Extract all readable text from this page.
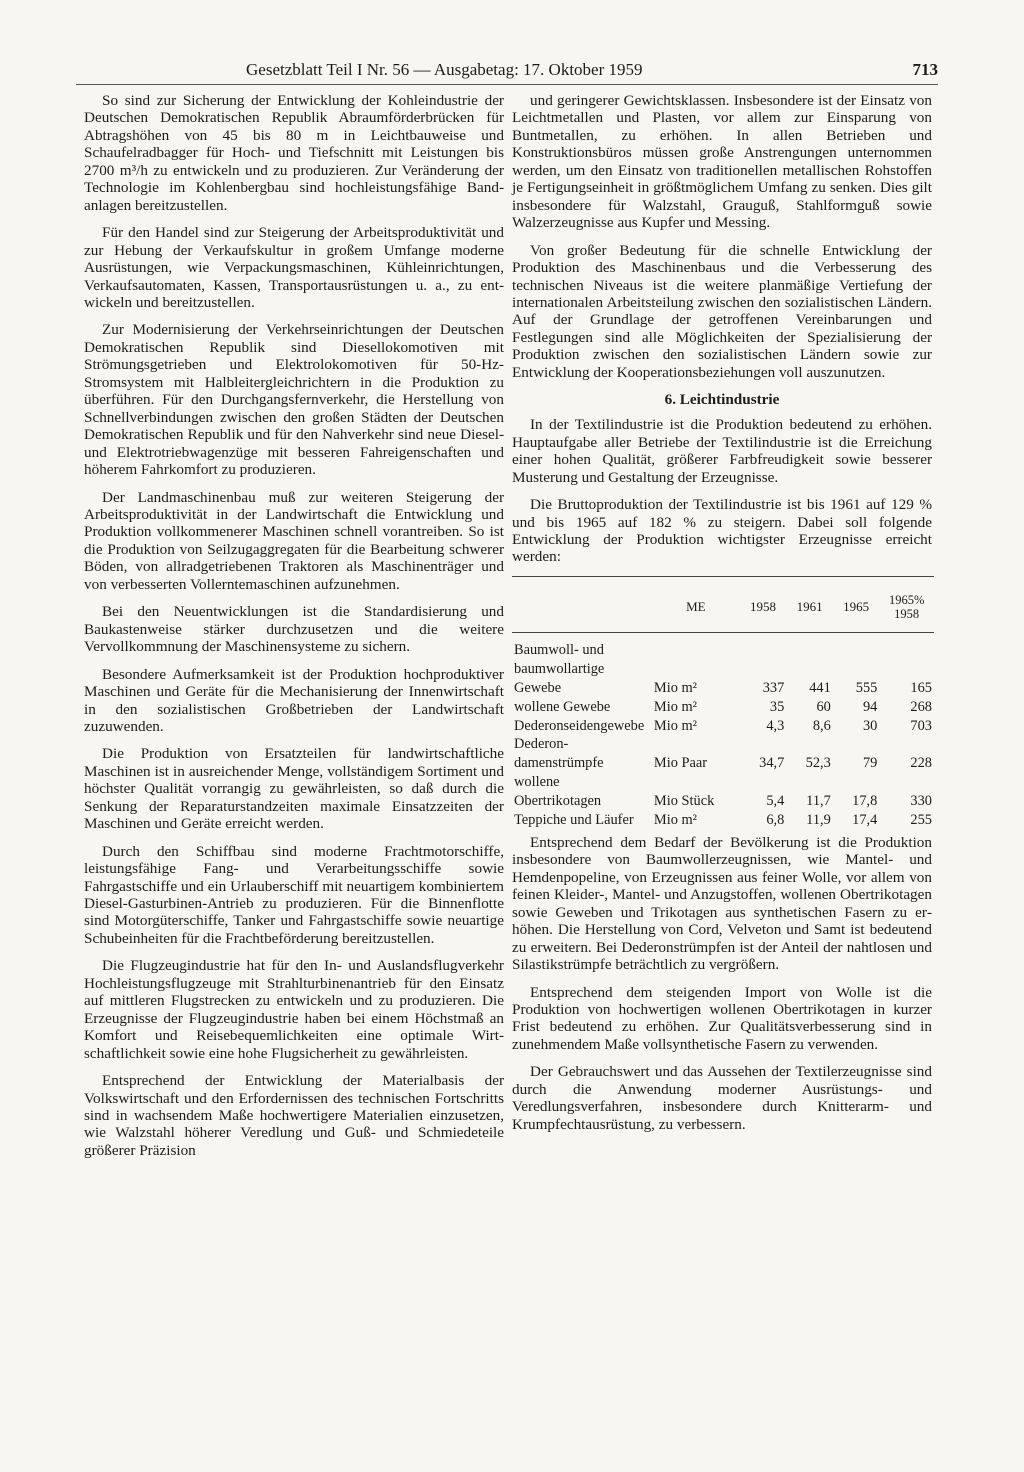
Gesetzblatt Teil I Nr. 56 — Ausgabetag: 17. Oktober 1959	713

So sind zur Sicherung der Entwicklung der Kohleindustrie der Deutschen Demokratischen Republik Abraumförderbrücken für Abtragshöhen von 45 bis 80 m in Leichtbauweise und Schaufelradbagger für Hoch- und Tiefschnitt mit Leistungen bis 2700 m³/h zu entwickeln und zu produzieren. Zur Veränderung der Technologie im Kohlenbergbau sind hochleistungsfähige Bandanlagen bereitzustellen.

Für den Handel sind zur Steigerung der Arbeitsproduktivität und zur Hebung der Verkaufskultur in großem Umfange moderne Ausrüstungen, wie Verpackungsmaschinen, Kühleinrichtungen, Verkaufsautomaten, Kassen, Transportausrüstungen u. a., zu entwickeln und bereitzustellen.

Zur Modernisierung der Verkehrseinrichtungen der Deutschen Demokratischen Republik sind Diesellokomotiven mit Strömungsgetrieben und Elektrolokomotiven für 50-Hz-Stromsystem mit Halbleitergleichrichtern in die Produktion zu überführen. Für den Durchgangsfernverkehr, die Herstellung von Schnellverbindungen zwischen den großen Städten der Deutschen Demokratischen Republik und für den Nahverkehr sind neue Diesel- und Elektrotriebwagenzüge mit besseren Fahreigenschaften und höherem Fahrkomfort zu produzieren.

Der Landmaschinenbau muß zur weiteren Steigerung der Arbeitsproduktivität in der Landwirtschaft die Entwicklung und Produktion vollkommenerer Maschinen schnell vorantreiben. So ist die Produktion von Seilzugaggregaten für die Bearbeitung schwerer Böden, von allradgetriebenen Traktoren als Maschinenträger und von verbesserten Vollerntemaschinen aufzunehmen.

Bei den Neuentwicklungen ist die Standardisierung und Baukastenweise stärker durchzusetzen und die weitere Vervollkommnung der Maschinensysteme zu sichern.

Besondere Aufmerksamkeit ist der Produktion hochproduktiver Maschinen und Geräte für die Mechanisierung der Innenwirtschaft in den sozialistischen Großbetrieben der Landwirtschaft zuzuwenden.

Die Produktion von Ersatzteilen für landwirtschaftliche Maschinen ist in ausreichender Menge, vollständigem Sortiment und höchster Qualität vorrangig zu gewährleisten, so daß durch die Senkung der Reparaturstandzeiten maximale Einsatzzeiten der Maschinen und Geräte erreicht werden.

Durch den Schiffbau sind moderne Frachtmotorschiffe, leistungsfähige Fang- und Verarbeitungsschiffe sowie Fahrgastschiffe und ein Urlauberschiff mit neuartigem kombiniertem Diesel-Gasturbinen-Antrieb zu produzieren. Für die Binnenflotte sind Motorgüterschiffe, Tanker und Fahrgastschiffe sowie neuartige Schubeinheiten für die Frachtbeförderung bereitzustellen.

Die Flugzeugindustrie hat für den In- und Auslandsflugverkehr Hochleistungsflugzeuge mit Strahlturbinenantrieb für den Einsatz auf mittleren Flugstrecken zu entwickeln und zu produzieren. Die Erzeugnisse der Flugzeugindustrie haben bei einem Höchstmaß an Komfort und Reisebequemlichkeiten eine optimale Wirtschaftlichkeit sowie eine hohe Flugsicherheit zu gewährleisten.

Entsprechend der Entwicklung der Materialbasis der Volkswirtschaft und den Erfordernissen des technischen Fortschritts sind in wachsendem Maße hochwertigere Materialien einzusetzen, wie Walzstahl höherer Veredlung und Guß- und Schmiedeteile größerer Präzision

und geringerer Gewichtsklassen. Insbesondere ist der Einsatz von Leichtmetallen und Plasten, vor allem zur Einsparung von Buntmetallen, zu erhöhen. In allen Betrieben und Konstruktionsbüros müssen große Anstrengungen unternommen werden, um den Einsatz von traditionellen metallischen Rohstoffen je Fertigungseinheit in größtmöglichem Umfang zu senken. Dies gilt insbesondere für Walzstahl, Grauguß, Stahlformguß sowie Walzerzeugnisse aus Kupfer und Messing.

Von großer Bedeutung für die schnelle Entwicklung der Produktion des Maschinenbaus und die Verbesserung des technischen Niveaus ist die weitere planmäßige Vertiefung der internationalen Arbeitsteilung zwischen den sozialistischen Ländern. Auf der Grundlage der getroffenen Vereinbarungen und Festlegungen sind alle Möglichkeiten der Spezialisierung der Produktion zwischen den sozialistischen Ländern sowie zur Entwicklung der Kooperationsbeziehungen voll auszunutzen.

6. Leichtindustrie

In der Textilindustrie ist die Produktion bedeutend zu erhöhen. Hauptaufgabe aller Betriebe der Textilindustrie ist die Erreichung einer hohen Qualität, größerer Farbfreudigkeit sowie besserer Musterung und Gestaltung der Erzeugnisse.

Die Bruttoproduktion der Textilindustrie ist bis 1961 auf 129 % und bis 1965 auf 182 % zu steigern. Dabei soll folgende Entwicklung der Produktion wichtigster Erzeugnisse erreicht werden:

	ME	1958	1961	1965	1965%
1958
Baumwoll- und baumwollartige Gewebe	Mio m²	337	441	555	165
wollene Gewebe	Mio m²	35	60	94	268
Dederonseidengewebe	Mio m²	4,3	8,6	30	703
Dederondamenstrümpfe	Mio Paar	34,7	52,3	79	228
wollene Obertrikotagen	Mio Stück	5,4	11,7	17,8	330
Teppiche und Läufer	Mio m²	6,8	11,9	17,4	255

Entsprechend dem Bedarf der Bevölkerung ist die Produktion insbesondere von Baumwollerzeugnissen, wie Mantel- und Hemdenpopeline, von Erzeugnissen aus feiner Wolle, vor allem von feinen Kleider-, Mantel- und Anzugstoffen, wollenen Obertrikotagen sowie Geweben und Trikotagen aus synthetischen Fasern zu erhöhen. Die Herstellung von Cord, Velveton und Samt ist bedeutend zu erweitern. Bei Dederonstrümpfen ist der Anteil der nahtlosen und Silastikstrümpfe beträchtlich zu vergrößern.

Entsprechend dem steigenden Import von Wolle ist die Produktion von hochwertigen wollenen Obertrikotagen in kurzer Frist bedeutend zu erhöhen. Zur Qualitätsverbesserung sind in zunehmendem Maße vollsynthetische Fasern zu verwenden.

Der Gebrauchswert und das Aussehen der Textilerzeugnisse sind durch die Anwendung moderner Ausrüstungs- und Veredlungsverfahren, insbesondere durch Knitterarm- und Krumpfechtausrüstung, zu verbessern.
